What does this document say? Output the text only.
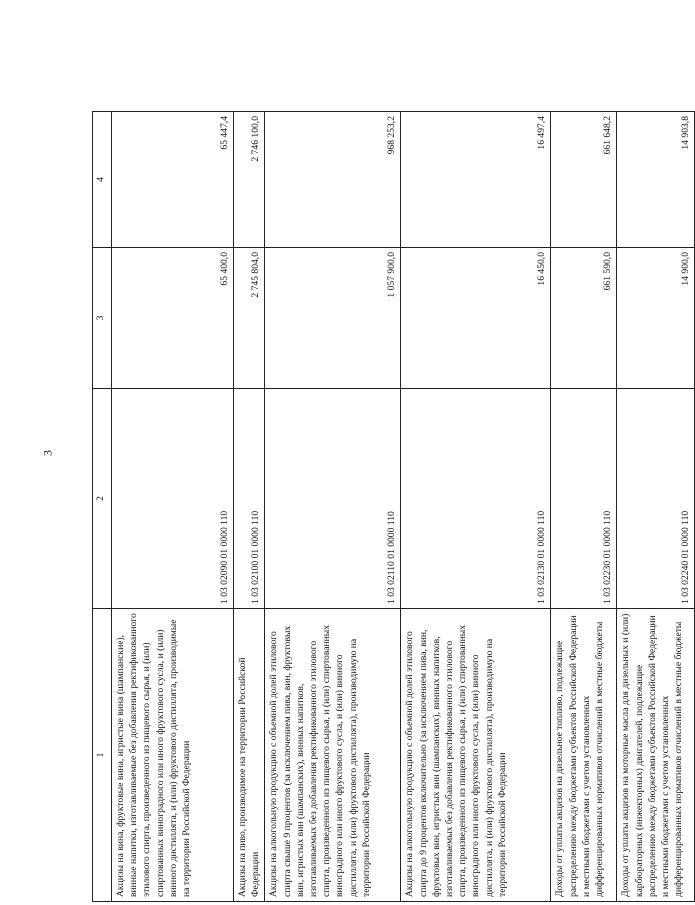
3
1	2	3	4
Акцизы на вина, фруктовые вина, игристые вина (шампанские), винные напитки, изготавливаемые без добавления ректификованного этилового спирта, произведенного из пищевого сырья, и (или) спиртованных виноградного или иного фруктового сусла, и (или) винного дистиллята, и (или) фруктового дистиллята, производимые на территории Российской Федерации	1 03 02090 01 0000 110	65 400,0	65 447,4
Акцизы на пиво, производимое на территории Российской Федерации	1 03 02100 01 0000 110	2 745 804,0	2 746 100,0
Акцизы на алкогольную продукцию с объемной долей этилового спирта свыше 9 процентов (за исключением пива, вин, фруктовых вин, игристых вин (шампанских), винных напитков, изготавливаемых без добавления ректификованного этилового спирта, произведенного из пищевого сырья, и (или) спиртованных виноградного или иного фруктового сусла, и (или) винного дистиллята, и (или) фруктового дистиллята), производимую на территории Российской Федерации	1 03 02110 01 0000 110	1 057 900,0	968 253,2
Акцизы на алкогольную продукцию с объемной долей этилового спирта до 9 процентов включительно (за исключением пива, вин, фруктовых вин, игристых вин (шампанских), винных напитков, изготавливаемых без добавления ректификованного этилового спирта, произведенного из пищевого сырья, и (или) спиртованных виноградного или иного фруктового сусла, и (или) винного дистиллята, и (или) фруктового дистиллята), производимую на территории Российской Федерации	1 03 02130 01 0000 110	16 450,0	16 497,4
Доходы от уплаты акцизов на дизельное топливо, подлежащие распределению между бюджетами субъектов Российской Федерации и местными бюджетами с учетом установленных дифференцированных нормативов отчислений в местные бюджеты	1 03 02230 01 0000 110	661 590,0	661 648,2
Доходы от уплаты акцизов на моторные масла для дизельных и (или) карбюраторных (инжекторных) двигателей, подлежащие распределению между бюджетами субъектов Российской Федерации и местными бюджетами с учетом установленных дифференцированных нормативов отчислений в местные бюджеты	1 03 02240 01 0000 110	14 900,0	14 903,8
